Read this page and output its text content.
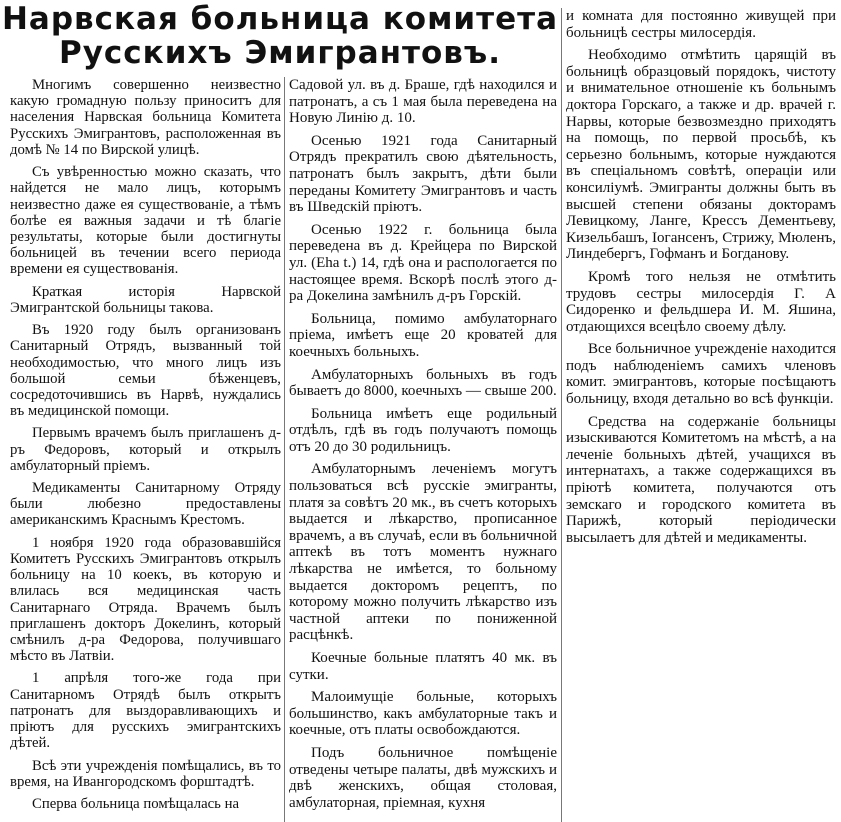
Нарвская больница комитета
Русскихъ Эмигрантовъ.

Многимъ совершенно неизвестно какую громадную пользу приноситъ для населения Нарвская больница Комитета Русскихъ Эмигрантовъ, расположенная въ домѣ № 14 по Вирской улицѣ.

Съ увѣренностью можно сказать, что найдется не мало лицъ, которымъ неизвестно даже ея существованіе, а тѣмъ болѣе ея важныя задачи и тѣ благіе результаты, которые были достигнуты больницей въ течении всего периода времени ея существованія.

Краткая исторія Нарвской Эмигрантской больницы такова.

Въ 1920 году былъ организованъ Санитарный Отрядъ, вызванный той необходимостью, что много лицъ изъ большой семьи бѣженцевъ, сосредоточившись въ Нарвѣ, нуждались въ медицинской помощи.

Первымъ врачемъ былъ приглашенъ д-ръ Федоровъ, который и открылъ амбулаторный пріемъ.

Медикаменты Санитарному Отряду были любезно предоставлены американскимъ Краснымъ Крестомъ.

1 ноября 1920 года образовавшійся Комитетъ Русскихъ Эмигрантовъ открылъ больницу на 10 коекъ, въ которую и влилась вся медицинская часть Санитарнаго Отряда. Врачемъ былъ приглашенъ докторъ Докелинъ, который смѣнилъ д-ра Федорова, получившаго мѣсто въ Латвіи.

1 апрѣля того-же года при Санитарномъ Отрядѣ былъ открытъ патронатъ для выздоравливающихъ и пріютъ для русскихъ эмигрантскихъ дѣтей.

Всѣ эти учрежденія помѣщались, въ то время, на Ивангородскомъ форштадтѣ.

Сперва больница помѣщалась на

Садовой ул. въ д. Браше, гдѣ находился и патронатъ, а съ 1 мая была переведена на Новую Линію д. 10.

Осенью 1921 года Санитарный Отрядъ прекратилъ свою дѣятельность, патронатъ былъ закрытъ, дѣти были переданы Комитету Эмигрантовъ и часть въ Шведскій пріютъ.

Осенью 1922 г. больница была переведена въ д. Крейцера по Вирской ул. (Eha t.) 14, гдѣ она и распологается по настоящее время. Вскорѣ послѣ этого д-ра Докелина замѣнилъ д-ръ Горскій.

Больница, помимо амбулаторнаго пріема, имѣетъ еще 20 кроватей для коечныхъ больныхъ.

Амбулаторныхъ больныхъ въ годъ бываетъ до 8000, коечныхъ — свыше 200.

Больница имѣетъ еще родильный отдѣлъ, гдѣ въ годъ получаютъ помощь отъ 20 до 30 родильницъ.

Амбулаторнымъ леченіемъ могутъ пользоваться всѣ русскіе эмигранты, платя за совѣтъ 20 мк., въ счетъ которыхъ выдается и лѣкарство, прописанное врачемъ, а въ случаѣ, если въ больничной аптекѣ въ тотъ моментъ нужнаго лѣкарства не имѣется, то больному выдается докторомъ рецептъ, по которому можно получить лѣкарство изъ частной аптеки по пониженной расцѣнкѣ.

Коечные больные платятъ 40 мк. въ сутки.

Малоимущіе больные, которыхъ большинство, какъ амбулаторные такъ и коечные, отъ платы освобождаются.

Подъ больничное помѣщеніе отведены четыре палаты, двѣ мужскихъ и двѣ женскихъ, общая столовая, амбулаторная, пріемная, кухня

и комната для постоянно живущей при больницѣ сестры милосердія.

Необходимо отмѣтить царящій въ больницѣ образцовый порядокъ, чистоту и внимательное отношеніе къ больнымъ доктора Горскаго, а также и др. врачей г. Нарвы, которые безвозмездно приходятъ на помощь, по первой просьбѣ, къ серьезно больнымъ, которые нуждаются въ спеціальномъ совѣтѣ, операціи или консиліумѣ. Эмигранты должны быть въ высшей степени обязаны докторамъ Левицкому, Ланге, Крессъ Дементьеву, Кизельбашъ, Іогансенъ, Стрижу, Мюленъ, Линдебергъ, Гофманъ и Богданову.

Кромѣ того нельзя не отмѣтить трудовъ сестры милосердія Г. А Сидоренко и фельдшера И. М. Яшина, отдающихся всецѣло своему дѣлу.

Все больничное учрежденіе находится подъ наблюденіемъ самихъ членовъ комит. эмигрантовъ, которые посѣщаютъ больницу, входя детально во всѣ функціи.

Средства на содержаніе больницы изыскиваются Комитетомъ на мѣстѣ, а на леченіе больныхъ дѣтей, учащихся въ интернатахъ, а также содержащихся въ пріютѣ комитета, получаются отъ земскаго и городского комитета въ Парижѣ, который періодически высылаетъ для дѣтей и медикаменты.
